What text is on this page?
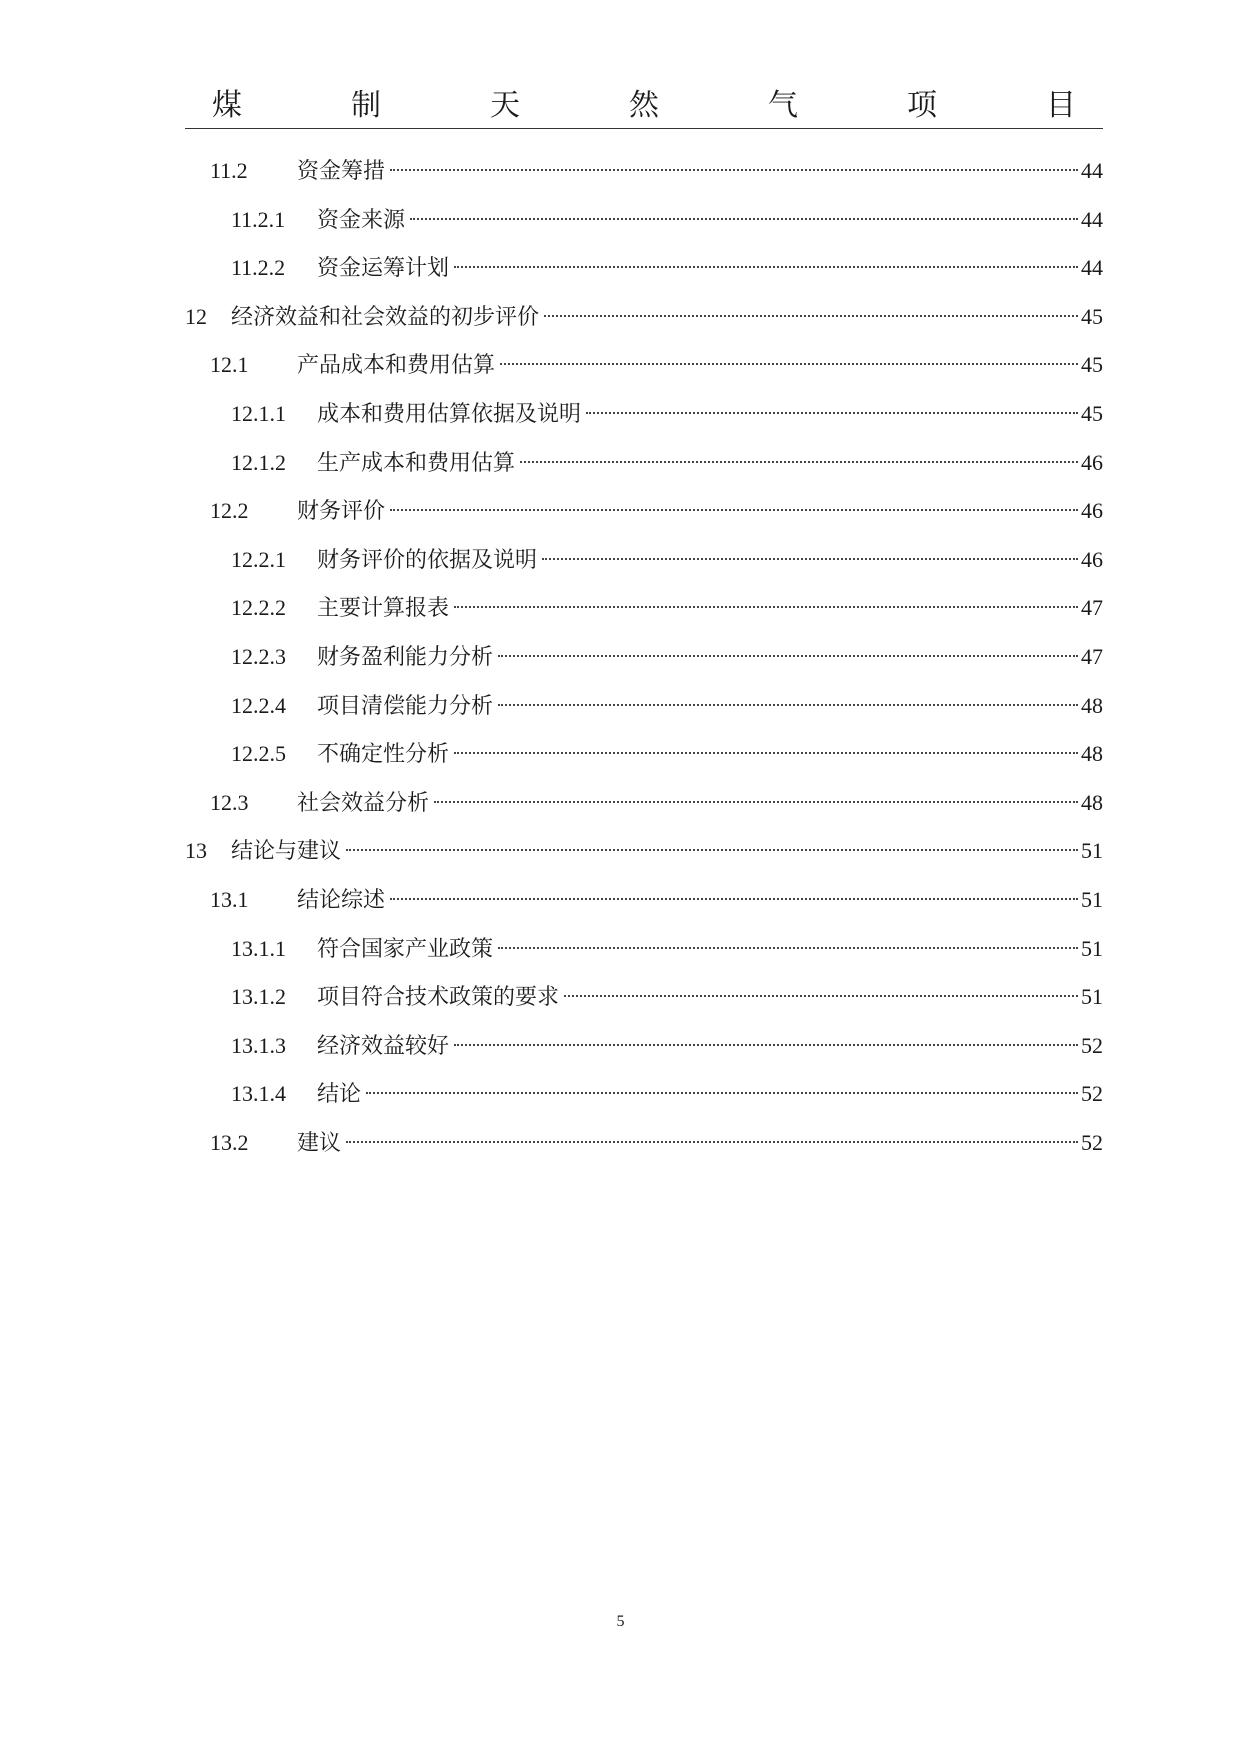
煤	制	天	然	气	项	目
11.2	资金筹措	44
11.2.1	资金来源	44
11.2.2	资金运筹计划	44
12	经济效益和社会效益的初步评价	45
12.1	产品成本和费用估算	45
12.1.1	成本和费用估算依据及说明	45
12.1.2	生产成本和费用估算	46
12.2	财务评价	46
12.2.1	财务评价的依据及说明	46
12.2.2	主要计算报表	47
12.2.3	财务盈利能力分析	47
12.2.4	项目清偿能力分析	48
12.2.5	不确定性分析	48
12.3	社会效益分析	48
13	结论与建议	51
13.1	结论综述	51
13.1.1	符合国家产业政策	51
13.1.2	项目符合技术政策的要求	51
13.1.3	经济效益较好	52
13.1.4	结论	52
13.2	建议	52
5
